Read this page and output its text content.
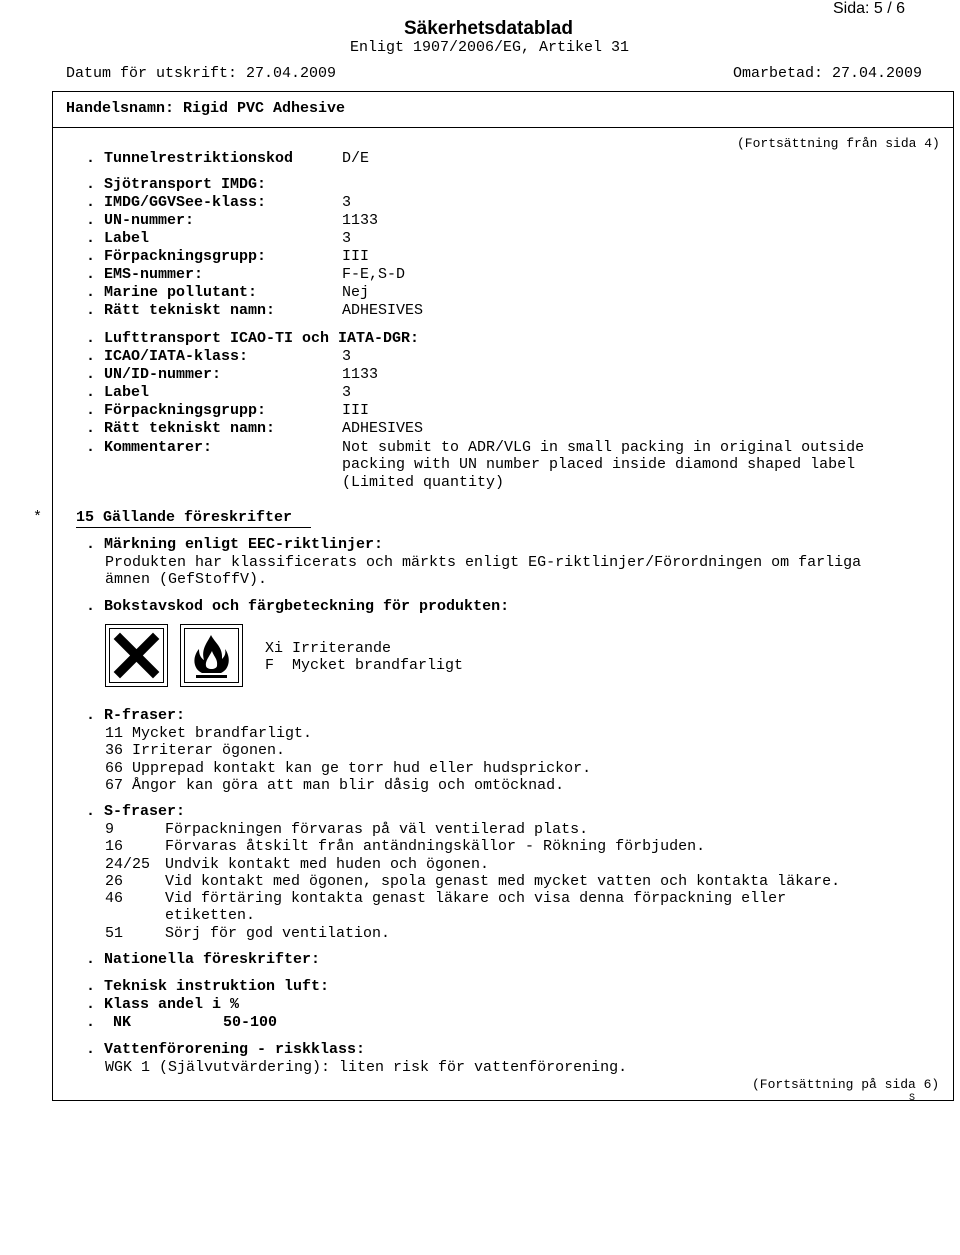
Sida: 5 / 6
Säkerhetsdatablad
Enligt 1907/2006/EG, Artikel 31
Datum för utskrift: 27.04.2009	Omarbetad: 27.04.2009
Handelsnamn: Rigid PVC Adhesive
(Fortsättning från sida 4)
. Tunnelrestriktionskod	D/E
. Sjötransport IMDG:
. IMDG/GGVSee-klass:	3
. UN-nummer:	1133
. Label	3
. Förpackningsgrupp:	III
. EMS-nummer:	F-E,S-D
. Marine pollutant:	Nej
. Rätt tekniskt namn:	ADHESIVES
. Lufttransport ICAO-TI och IATA-DGR:
. ICAO/IATA-klass:	3
. UN/ID-nummer:	1133
. Label	3
. Förpackningsgrupp:	III
. Rätt tekniskt namn:	ADHESIVES
. Kommentarer:	Not submit to ADR/VLG in small packing in original outside
packing with UN number placed inside diamond shaped label
(Limited quantity)
* 15 Gällande föreskrifter
. Märkning enligt EEC-riktlinjer:
Produkten har klassificerats och märkts enligt EG-riktlinjer/Förordningen om farliga
ämnen (GefStoffV).
. Bokstavskod och färgbeteckning för produkten:
Xi Irriterande
F Mycket brandfarligt
. R-fraser:
11 Mycket brandfarligt.
36 Irriterar ögonen.
66 Upprepad kontakt kan ge torr hud eller hudsprickor.
67 Ångor kan göra att man blir dåsig och omtöcknad.
. S-fraser:
9	Förpackningen förvaras på väl ventilerad plats.
16	Förvaras åtskilt från antändningskällor - Rökning förbjuden.
24/25 Undvik kontakt med huden och ögonen.
26	Vid kontakt med ögonen, spola genast med mycket vatten och kontakta läkare.
46	Vid förtäring kontakta genast läkare och visa denna förpackning eller
etiketten.
51	Sörj för god ventilation.
. Nationella föreskrifter:
. Teknisk instruktion luft:
. Klass andel i %
.  NK	50-100
. Vattenförorening - riskklass:
WGK 1 (Självutvärdering): liten risk för vattenförorening.
(Fortsättning på sida 6)
S
